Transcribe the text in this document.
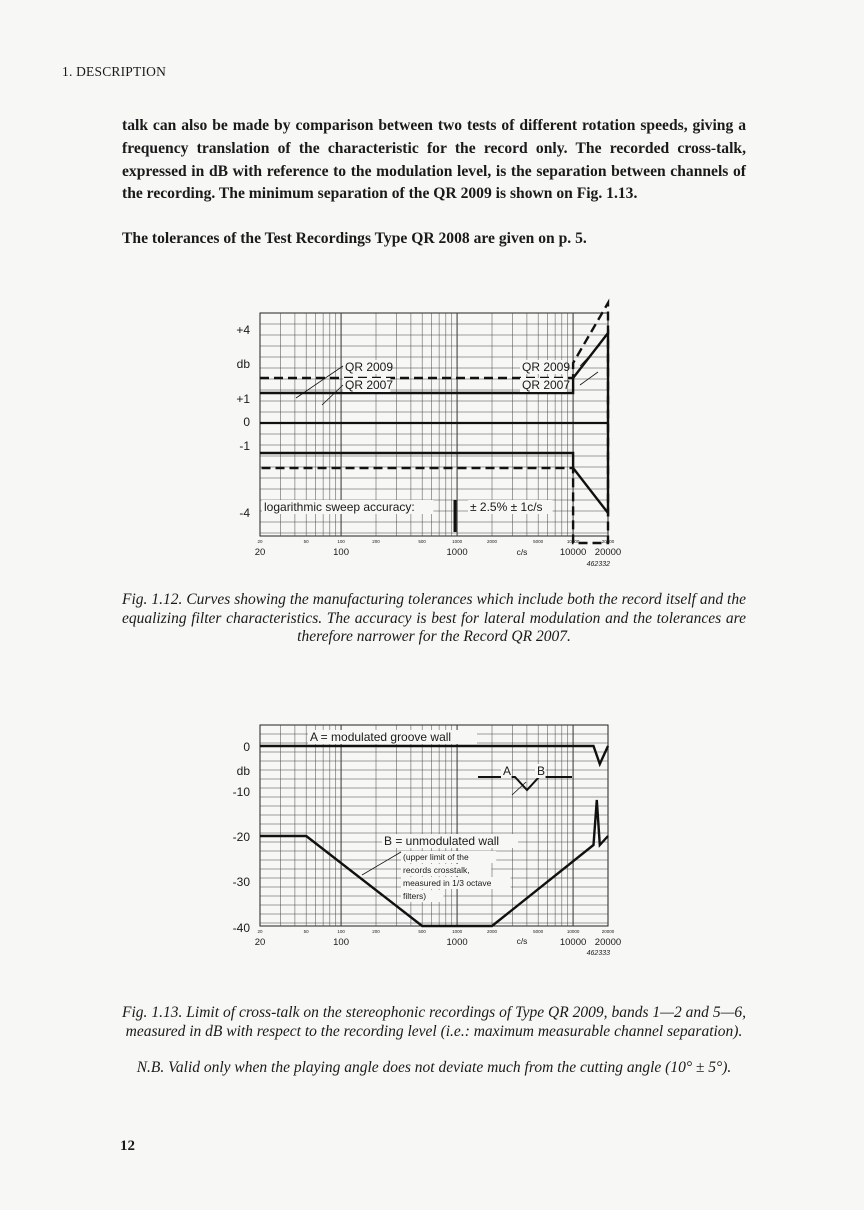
1. DESCRIPTION

talk can also be made by comparison between two tests of different rotation speeds, giving a frequency translation of the characteristic for the record only. The recorded cross-talk, expressed in dB with reference to the modulation level, is the separation between channels of the recording. The minimum separation of the QR 2009 is shown on Fig. 1.13.

The tolerances of the Test Recordings Type QR 2008 are given on p. 5.

+4
db
+1
0
-1
-4
QR 2009
QR 2007
QR 2009
QR 2007
logarithmic sweep accuracy:	± 2.5% ± 1c/s
20	50	100	200	500	1000	2000	5000	10000	20000
20	100	1000	10000 20000
c/s
462332
0
db
-10
-20
-30
-40
A = modulated groove wall
B = unmodulated wall
(upper limit of the
records crosstalk,
measured in 1/3 octave
filters)
A B
20	50	100	200	500	1000	2000	5000	10000	20000
20	100	1000	10000 20000
c/s
462333

Fig. 1.12. Curves showing the manufacturing tolerances which include both the record itself and the equalizing filter characteristics. The accuracy is best for lateral modulation and the tolerances are therefore narrower for the Record QR 2007.

Fig. 1.13. Limit of cross-talk on the stereophonic recordings of Type QR 2009, bands 1—2 and 5—6, measured in dB with respect to the recording level (i.e.: maximum measurable channel separation).

N.B. Valid only when the playing angle does not deviate much from the cutting angle (10° ± 5°).

12
